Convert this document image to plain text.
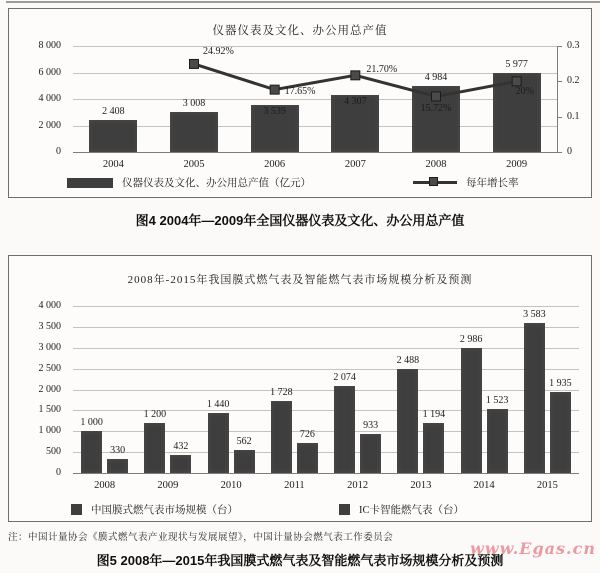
仪器仪表及文化、办公用总产值
8 000
6 000
4 000
2 000
0
0.3
0.2
0.1
0
2004	2005	2006	2007	2008	2009
2 408
3 008
3 539
4 307
4 984
5 977
24.92%
17.65%
21.70%
15.72%
20%
仪器仪表及文化、办公用总产值（亿元）	每年增长率
图4 2004年—2009年全国仪器仪表及文化、办公用总产值
2008年-2015年我国膜式燃气表及智能燃气表市场规模分析及预测
4 000
3 500
3 000
2 500
2 000
1 500
1 000
500
0
1 000
330
2008
1 200
432
2009
1 440
562
2010
1 728
726
2011
2 074
933
2012
2 488
1 194
2013
2 986
1 523
2014
3 583
1 935
2015
中国膜式燃气表市场规模（台）	IC卡智能燃气表（台）
注：中国计量协会《膜式燃气表产业现状与发展展望》，中国计量协会燃气表工作委员会
图5 2008年—2015年我国膜式燃气表及智能燃气表市场规模分析及预测
www.Egas.cn
